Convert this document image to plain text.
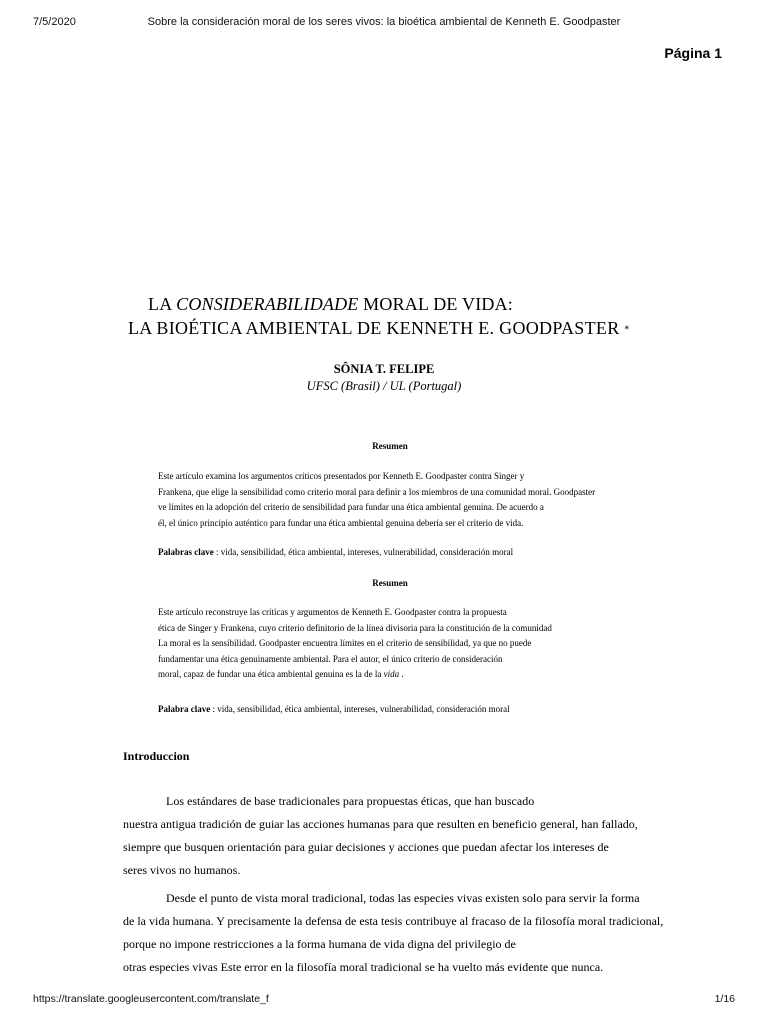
7/5/2020	Sobre la consideración moral de los seres vivos: la bioética ambiental de Kenneth E. Goodpaster
Página 1
LA CONSIDERABILIDADE MORAL DE VIDA:
LA BIOÉTICA AMBIENTAL DE KENNETH E. GOODPASTER *
SÔNIA T. FELIPE
UFSC (Brasil) / UL (Portugal)
Resumen
Este artículo examina los argumentos críticos presentados por Kenneth E. Goodpaster contra Singer y
Frankena, que elige la sensibilidad como criterio moral para definir a los miembros de una comunidad moral. Goodpaster
ve límites en la adopción del criterio de sensibilidad para fundar una ética ambiental genuina. De acuerdo a
él, el único principio auténtico para fundar una ética ambiental genuina debería ser el criterio de vida.
Palabras clave : vida, sensibilidad, ética ambiental, intereses, vulnerabilidad, consideración moral
Resumen
Este artículo reconstruye las críticas y argumentos de Kenneth E. Goodpaster contra la propuesta
ética de Singer y Frankena, cuyo criterio definitorio de la línea divisoria para la constitución de la comunidad
La moral es la sensibilidad. Goodpaster encuentra límites en el criterio de sensibilidad, ya que no puede
fundamentar una ética genuinamente ambiental. Para el autor, el único criterio de consideración
moral, capaz de fundar una ética ambiental genuina es la de la vida .
Palabra clave : vida, sensibilidad, ética ambiental, intereses, vulnerabilidad, consideración moral
Introduccion
Los estándares de base tradicionales para propuestas éticas, que han buscado
nuestra antigua tradición de guiar las acciones humanas para que resulten en beneficio general, han fallado,
siempre que busquen orientación para guiar decisiones y acciones que puedan afectar los intereses de
seres vivos no humanos.
Desde el punto de vista moral tradicional, todas las especies vivas existen solo para servir la forma
de la vida humana. Y precisamente la defensa de esta tesis contribuye al fracaso de la filosofía moral tradicional,
porque no impone restricciones a la forma humana de vida digna del privilegio de
otras especies vivas Este error en la filosofía moral tradicional se ha vuelto más evidente que nunca.
https://translate.googleusercontent.com/translate_f	1/16
